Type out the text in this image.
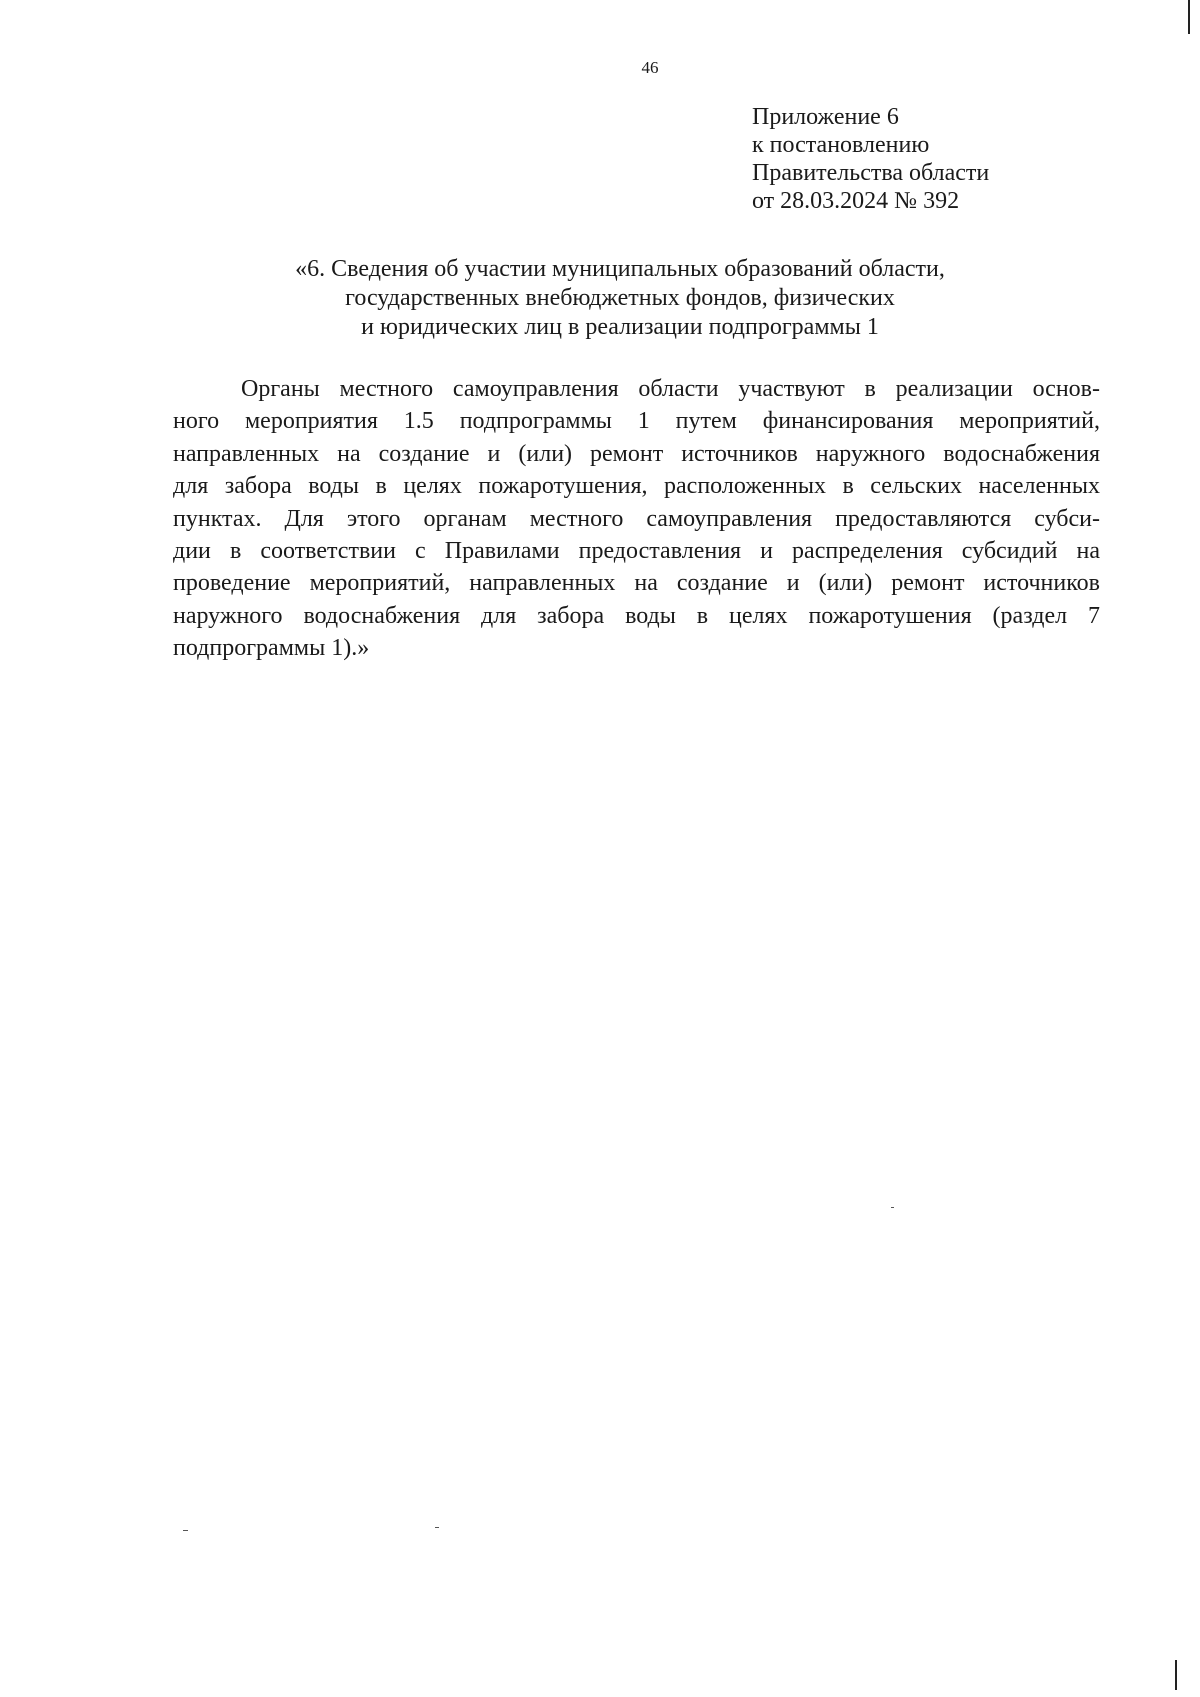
46
Приложение 6
к постановлению
Правительства области
от 28.03.2024 № 392
«6. Сведения об участии муниципальных образований области,
государственных внебюджетных фондов, физических
и юридических лиц в реализации подпрограммы 1
Органы местного самоуправления области участвуют в реализации основ-
ного мероприятия 1.5 подпрограммы 1 путем финансирования мероприятий,
направленных на создание и (или) ремонт источников наружного водоснабжения
для забора воды в целях пожаротушения, расположенных в сельских населенных
пунктах. Для этого органам местного самоуправления предоставляются субси-
дии в соответствии с Правилами предоставления и распределения субсидий на
проведение мероприятий, направленных на создание и (или) ремонт источников
наружного водоснабжения для забора воды в целях пожаротушения (раздел 7
подпрограммы 1).»
